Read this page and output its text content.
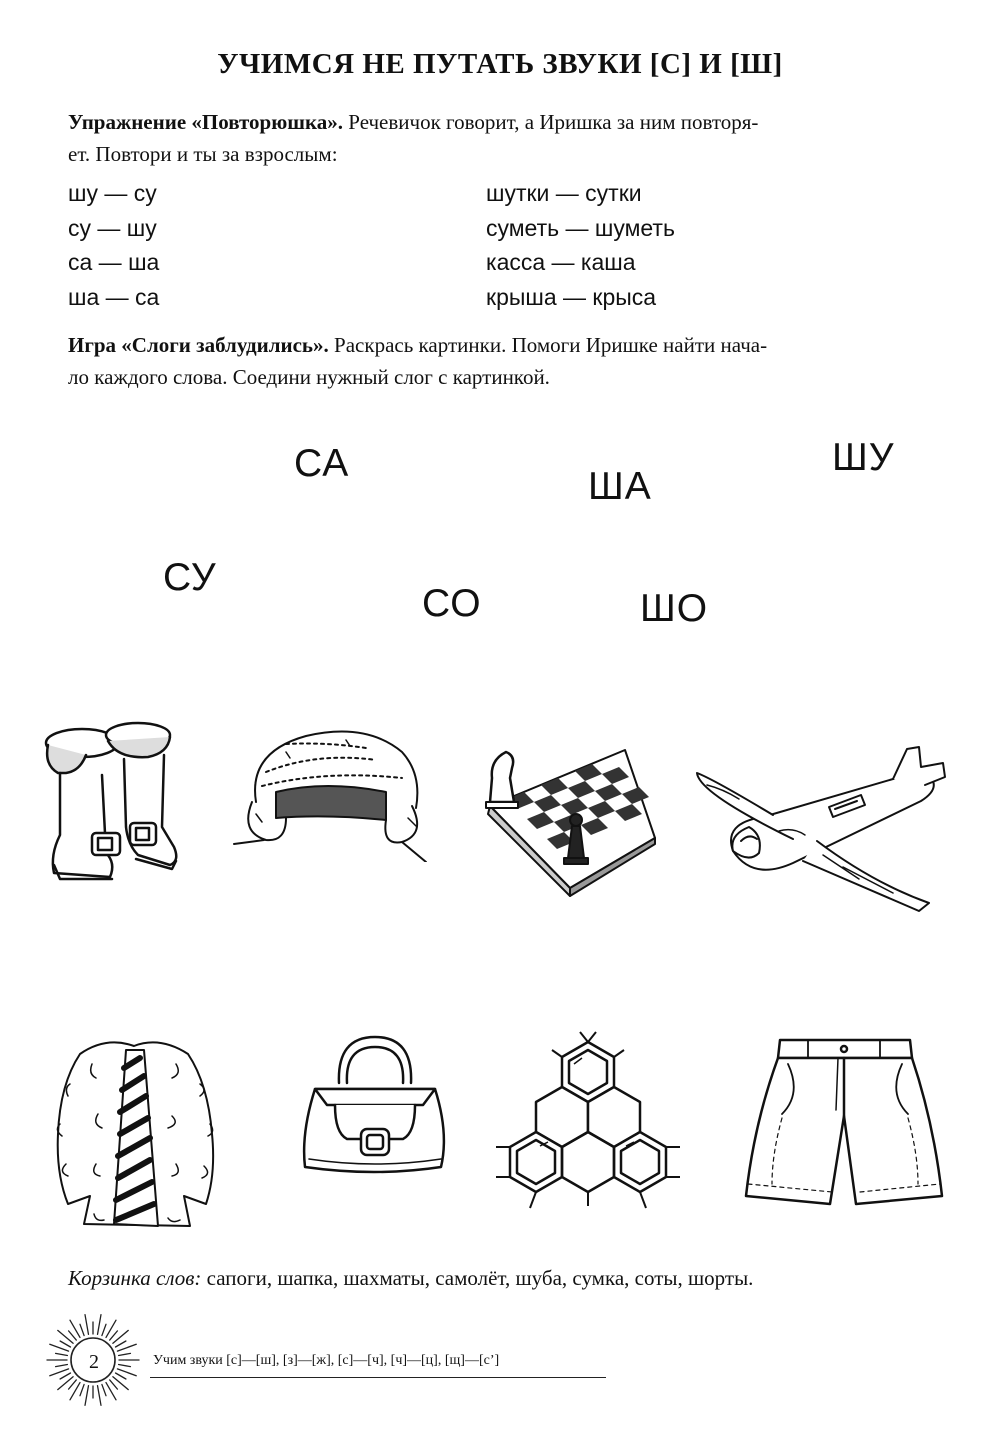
УЧИМСЯ НЕ ПУТАТЬ ЗВУКИ [С] И [Ш]
Упражнение «Повторюшка». Речевичок говорит, а Иришка за ним повторя-
ет. Повтори и ты за взрослым:
шу — су
су — шу
са — ша
ша — са
шутки — сутки
суметь — шуметь
касса — каша
крыша — крыса
Игра «Слоги заблудились». Раскрась картинки. Помоги Иришке найти нача-
ло каждого слова. Соедини нужный слог с картинкой.
СА
ША
ШУ
СУ
СО	ШО
Корзинка слов: сапоги, шапка, шахматы, самолёт, шуба, сумка, соты, шорты.
2	Учим звуки [с]—[ш], [з]—[ж], [с]—[ч], [ч]—[ц], [щ]—[с’]
